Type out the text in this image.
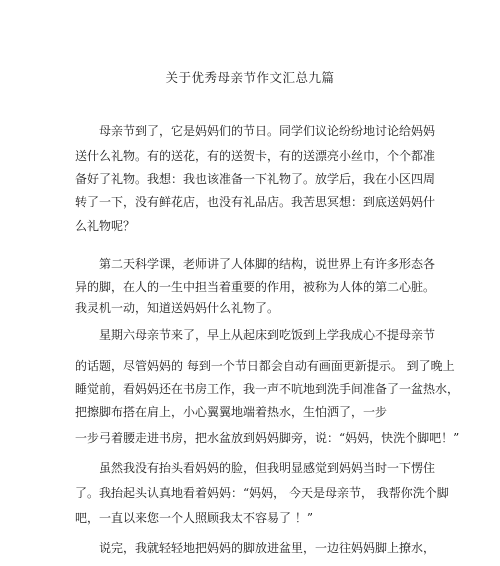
关于优秀母亲节作文汇总九篇
母亲节到了，它是妈妈们的节日。同学们议论纷纷地讨论给妈妈
送什么礼物。有的送花，有的送贺卡，有的送漂亮小丝巾，个个都准
备好了礼物。我想：我也该准备一下礼物了。放学后，我在小区四周
转了一下，没有鲜花店，也没有礼品店。我苦思冥想：到底送妈妈什
么礼物呢？
第二天科学课，老师讲了人体脚的结构，说世界上有许多形态各
异的脚，在人的一生中担当着重要的作用，被称为人体的第二心脏。
我灵机一动，知道送妈妈什么礼物了。
星期六母亲节来了，早上从起床到吃饭到上学我成心不提母亲节
的话题，尽管妈妈的 每到一个节日都会自动有画面更新提示。 到了晚上
睡觉前，看妈妈还在书房工作，我一声不吭地到洗手间准备了一盆热水，
把擦脚布搭在肩上，小心翼翼地端着热水，生怕洒了，一步
一步弓着腰走进书房，把水盆放到妈妈脚旁，说：“妈妈，快洗个脚吧！”
虽然我没有抬头看妈妈的脸，但我明显感觉到妈妈当时一下愣住
了。我抬起头认真地看着妈妈：“妈妈， 今天是母亲节， 我帮你洗个脚
吧，一直以来您一个人照顾我太不容易了 ！”
说完，我就轻轻地把妈妈的脚放进盆里，一边往妈妈脚上撩水，
